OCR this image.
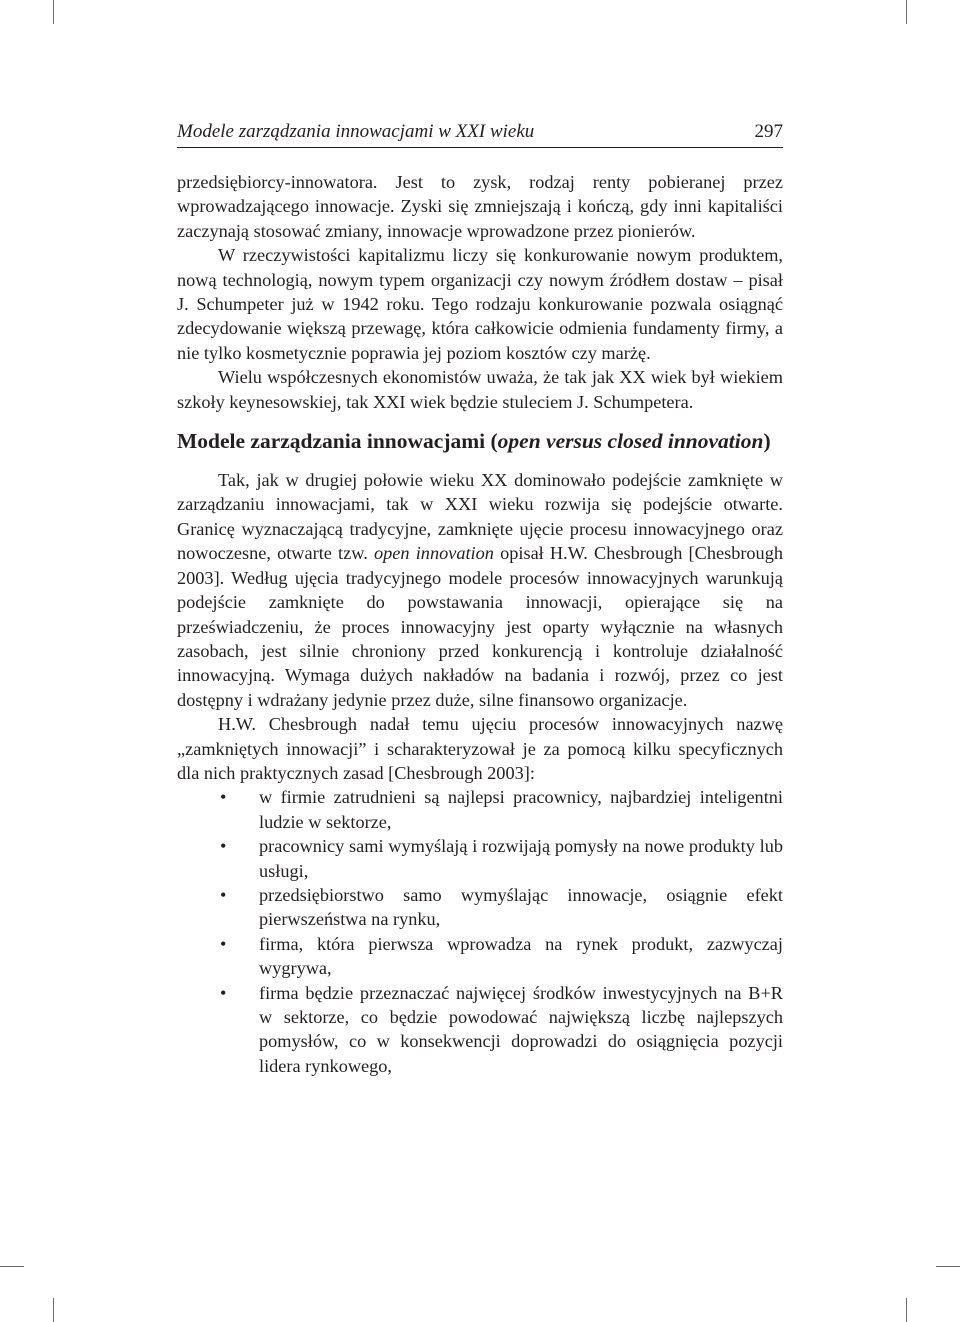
Modele zarządzania innowacjami w XXI wieku	297

przedsiębiorcy-innowatora. Jest to zysk, rodzaj renty pobieranej przez wprowadzającego innowacje. Zyski się zmniejszają i kończą, gdy inni kapitaliści zaczynają stosować zmiany, innowacje wprowadzone przez pionierów.

W rzeczywistości kapitalizmu liczy się konkurowanie nowym produktem, nową technologią, nowym typem organizacji czy nowym źródłem dostaw – pisał J. Schumpeter już w 1942 roku. Tego rodzaju konkurowanie pozwala osiągnąć zdecydowanie większą przewagę, która całkowicie odmienia fundamenty firmy, a nie tylko kosmetycznie poprawia jej poziom kosztów czy marżę.

Wielu współczesnych ekonomistów uważa, że tak jak XX wiek był wiekiem szkoły keynesowskiej, tak XXI wiek będzie stuleciem J. Schumpetera.

Modele zarządzania innowacjami (open versus closed innovation)

Tak, jak w drugiej połowie wieku XX dominowało podejście zamknięte w zarządzaniu innowacjami, tak w XXI wieku rozwija się podejście otwarte. Granicę wyznaczającą tradycyjne, zamknięte ujęcie procesu innowacyjnego oraz nowoczesne, otwarte tzw. open innovation opisał H.W. Chesbrough [Chesbrough 2003]. Według ujęcia tradycyjnego modele procesów innowacyjnych warunkują podejście zamknięte do powstawania innowacji, opierające się na przeświadczeniu, że proces innowacyjny jest oparty wyłącznie na własnych zasobach, jest silnie chroniony przed konkurencją i kontroluje działalność innowacyjną. Wymaga dużych nakładów na badania i rozwój, przez co jest dostępny i wdrażany jedynie przez duże, silne finansowo organizacje.

H.W. Chesbrough nadał temu ujęciu procesów innowacyjnych nazwę „zamkniętych innowacji” i scharakteryzował je za pomocą kilku specyficznych dla nich praktycznych zasad [Chesbrough 2003]:

• w firmie zatrudnieni są najlepsi pracownicy, najbardziej inteligentni ludzie w sektorze,
• pracownicy sami wymyślają i rozwijają pomysły na nowe produkty lub usługi,
• przedsiębiorstwo samo wymyślając innowacje, osiągnie efekt pierwszeństwa na rynku,
• firma, która pierwsza wprowadza na rynek produkt, zazwyczaj wygrywa,
• firma będzie przeznaczać najwięcej środków inwestycyjnych na B+R w sektorze, co będzie powodować największą liczbę najlepszych pomysłów, co w konsekwencji doprowadzi do osiągnięcia pozycji lidera rynkowego,
